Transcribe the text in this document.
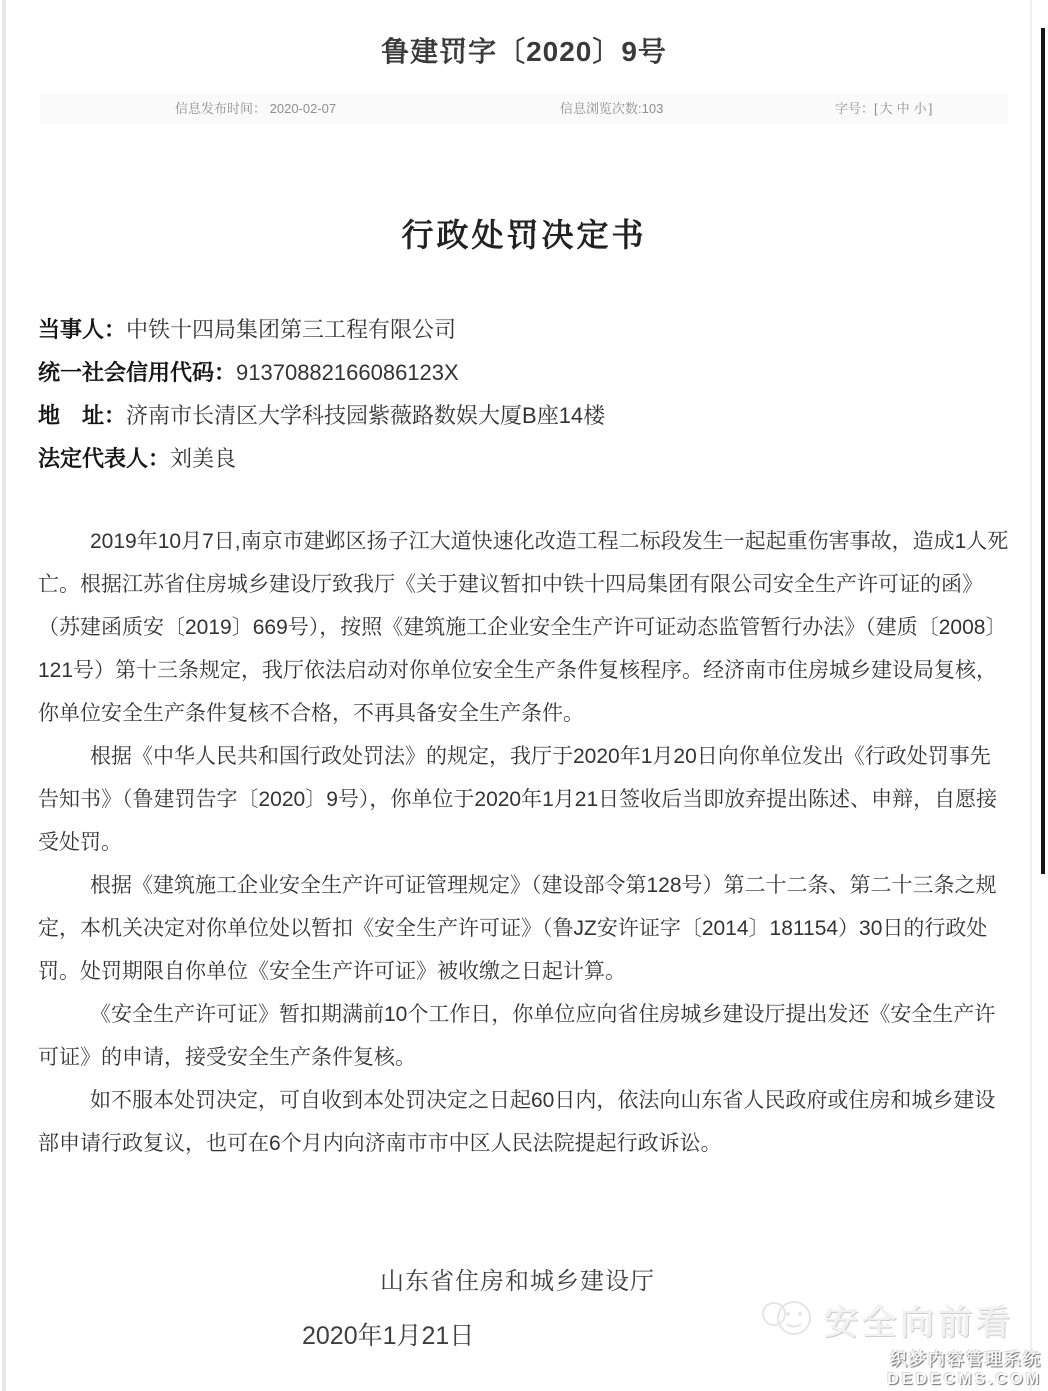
鲁建罚字〔2020〕9号
信息发布时间： 2020-02-07	信息浏览次数:103	字号：[ 大 中 小 ]
行政处罚决定书
当事人：中铁十四局集团第三工程有限公司
统一社会信用代码：91370882166086123X
地　址：济南市长清区大学科技园紫薇路数娱大厦B座14楼
法定代表人：刘美良

2019年10月7日,南京市建邺区扬子江大道快速化改造工程二标段发生一起起重伤害事故，造成1人死亡。根据江苏省住房城乡建设厅致我厅《关于建议暂扣中铁十四局集团有限公司安全生产许可证的函》（苏建函质安〔2019〕669号），按照《建筑施工企业安全生产许可证动态监管暂行办法》（建质〔2008〕121号）第十三条规定，我厅依法启动对你单位安全生产条件复核程序。经济南市住房城乡建设局复核，你单位安全生产条件复核不合格，不再具备安全生产条件。

根据《中华人民共和国行政处罚法》的规定，我厅于2020年1月20日向你单位发出《行政处罚事先告知书》（鲁建罚告字〔2020〕9号），你单位于2020年1月21日签收后当即放弃提出陈述、申辩，自愿接受处罚。

根据《建筑施工企业安全生产许可证管理规定》（建设部令第128号）第二十二条、第二十三条之规定，本机关决定对你单位处以暂扣《安全生产许可证》（鲁JZ安许证字〔2014〕181154）30日的行政处罚。处罚期限自你单位《安全生产许可证》被收缴之日起计算。

《安全生产许可证》暂扣期满前10个工作日，你单位应向省住房城乡建设厅提出发还《安全生产许可证》的申请，接受安全生产条件复核。

如不服本处罚决定，可自收到本处罚决定之日起60日内，依法向山东省人民政府或住房和城乡建设部申请行政复议，也可在6个月内向济南市市中区人民法院提起行政诉讼。

山东省住房和城乡建设厅
2020年1月21日	安全向前看
织梦内容管理系统
DEDECMS.COM
